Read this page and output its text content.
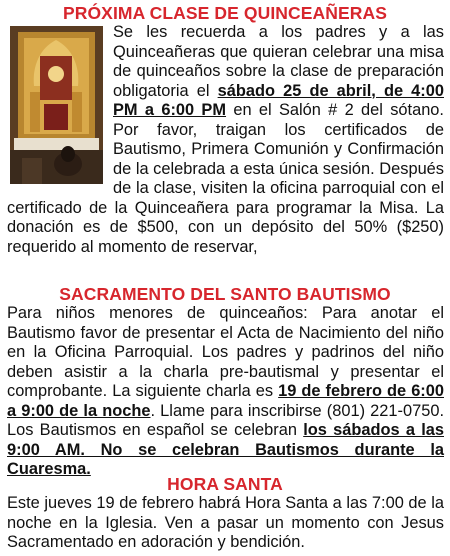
PRÓXIMA CLASE DE QUINCEAÑERAS
Se les recuerda a los padres y a las Quinceañeras que quieran celebrar una misa de quinceaños sobre la clase de preparación obligatoria el sábado 25 de abril, de 4:00 PM a 6:00 PM en el Salón # 2 del sótano. Por favor, traigan los certificados de Bautismo, Primera Comunión y Confirmación de la celebrada a esta única sesión. Después de la clase, visiten la oficina parroquial con el certificado de la Quinceañera para programar la Misa. La donación es de $500, con un depósito del 50% ($250) requerido al momento de reservar,
SACRAMENTO DEL SANTO BAUTISMO
Para niños menores de quinceaños: Para anotar el Bautismo favor de presentar el Acta de Nacimiento del niño en la Oficina Parroquial. Los padres y padrinos del niño deben asistir a la charla pre-bautismal y presentar el comprobante. La siguiente charla es 19 de febrero de 6:00 a 9:00 de la noche. Llame para inscribirse (801) 221-0750. Los Bautismos en español se celebran los sábados a las 9:00 AM. No se celebran Bautismos durante la Cuaresma.
HORA SANTA
Este jueves 19 de febrero habrá Hora Santa a las 7:00 de la noche en la Iglesia. Ven a pasar un momento con Jesus Sacramentado en adoración y bendición.
